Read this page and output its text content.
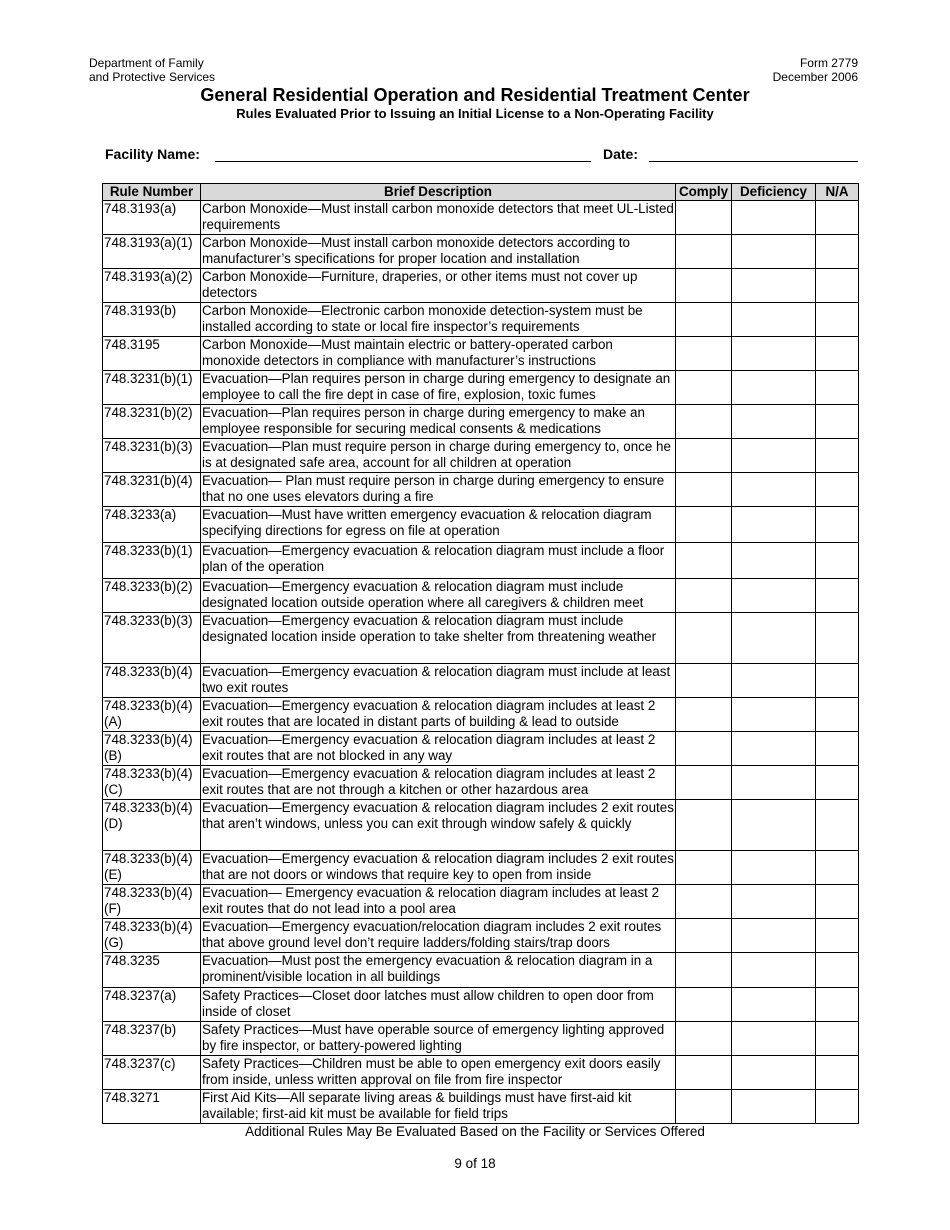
Department of Family
and Protective Services
Form 2779
December 2006
General Residential Operation and Residential Treatment Center
Rules Evaluated Prior to Issuing an Initial License to a Non-Operating Facility
Facility Name:	Date:
Rule Number	Brief Description	Comply	Deficiency	N/A
748.3193(a)	Carbon Monoxide—Must install carbon monoxide detectors that meet UL-Listed requirements			
748.3193(a)(1)	Carbon Monoxide—Must install carbon monoxide detectors according to manufacturer’s specifications for proper location and installation			
748.3193(a)(2)	Carbon Monoxide—Furniture, draperies, or other items must not cover up detectors			
748.3193(b)	Carbon Monoxide—Electronic carbon monoxide detection-system must be installed according to state or local fire inspector’s requirements			
748.3195	Carbon Monoxide—Must maintain electric or battery-operated carbon monoxide detectors in compliance with manufacturer’s instructions			
748.3231(b)(1)	Evacuation—Plan requires person in charge during emergency to designate an employee to call the fire dept in case of fire, explosion, toxic fumes			
748.3231(b)(2)	Evacuation—Plan requires person in charge during emergency to make an employee responsible for securing medical consents & medications			
748.3231(b)(3)	Evacuation—Plan must require person in charge during emergency to, once he is at designated safe area, account for all children at operation			
748.3231(b)(4)	Evacuation— Plan must require person in charge during emergency to ensure that no one uses elevators during a fire			
748.3233(a)	Evacuation—Must have written emergency evacuation & relocation diagram specifying directions for egress on file at operation			
748.3233(b)(1)	Evacuation—Emergency evacuation & relocation diagram must include a floor plan of the operation			
748.3233(b)(2)	Evacuation—Emergency evacuation & relocation diagram must include designated location outside operation where all caregivers & children meet			
748.3233(b)(3)	Evacuation—Emergency evacuation & relocation diagram must include designated location inside operation to take shelter from threatening weather			
748.3233(b)(4)	Evacuation—Emergency evacuation & relocation diagram must include at least two exit routes			
748.3233(b)(4)(A)	Evacuation—Emergency evacuation & relocation diagram includes at least 2 exit routes that are located in distant parts of building & lead to outside			
748.3233(b)(4)(B)	Evacuation—Emergency evacuation & relocation diagram includes at least 2 exit routes that are not blocked in any way			
748.3233(b)(4)(C)	Evacuation—Emergency evacuation & relocation diagram includes at least 2 exit routes that are not through a kitchen or other hazardous area			
748.3233(b)(4)(D)	Evacuation—Emergency evacuation & relocation diagram includes 2 exit routes that aren’t windows, unless you can exit through window safely & quickly			
748.3233(b)(4)(E)	Evacuation—Emergency evacuation & relocation diagram includes 2 exit routes that are not doors or windows that require key to open from inside			
748.3233(b)(4)(F)	Evacuation— Emergency evacuation & relocation diagram includes at least 2 exit routes that do not lead into a pool area			
748.3233(b)(4)(G)	Evacuation—Emergency evacuation/relocation diagram includes 2 exit routes that above ground level don’t require ladders/folding stairs/trap doors			
748.3235	Evacuation—Must post the emergency evacuation & relocation diagram in a prominent/visible location in all buildings			
748.3237(a)	Safety Practices—Closet door latches must allow children to open door from inside of closet			
748.3237(b)	Safety Practices—Must have operable source of emergency lighting approved by fire inspector, or battery-powered lighting			
748.3237(c)	Safety Practices—Children must be able to open emergency exit doors easily from inside, unless written approval on file from fire inspector			
748.3271	First Aid Kits—All separate living areas & buildings must have first-aid kit available; first-aid kit must be available for field trips			
Additional Rules May Be Evaluated Based on the Facility or Services Offered
9 of 18
